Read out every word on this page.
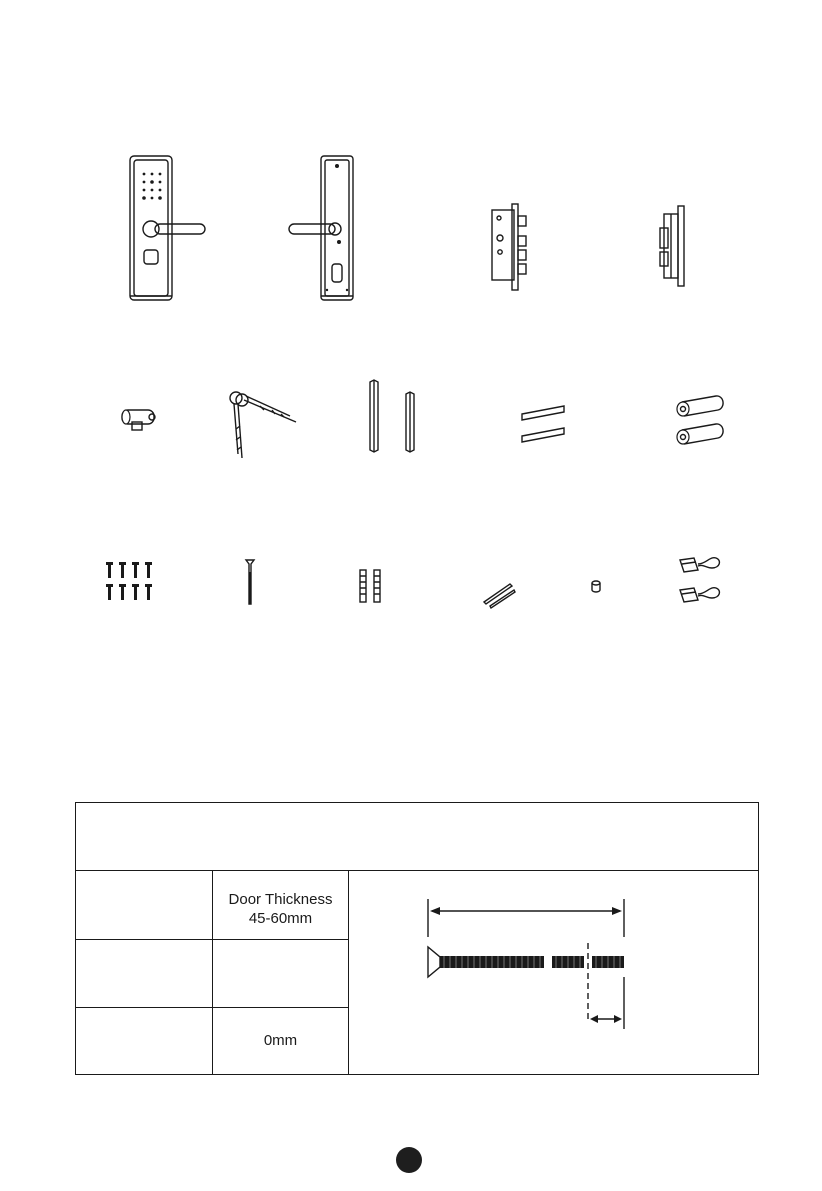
Door Thickness
45-60mm
0mm
